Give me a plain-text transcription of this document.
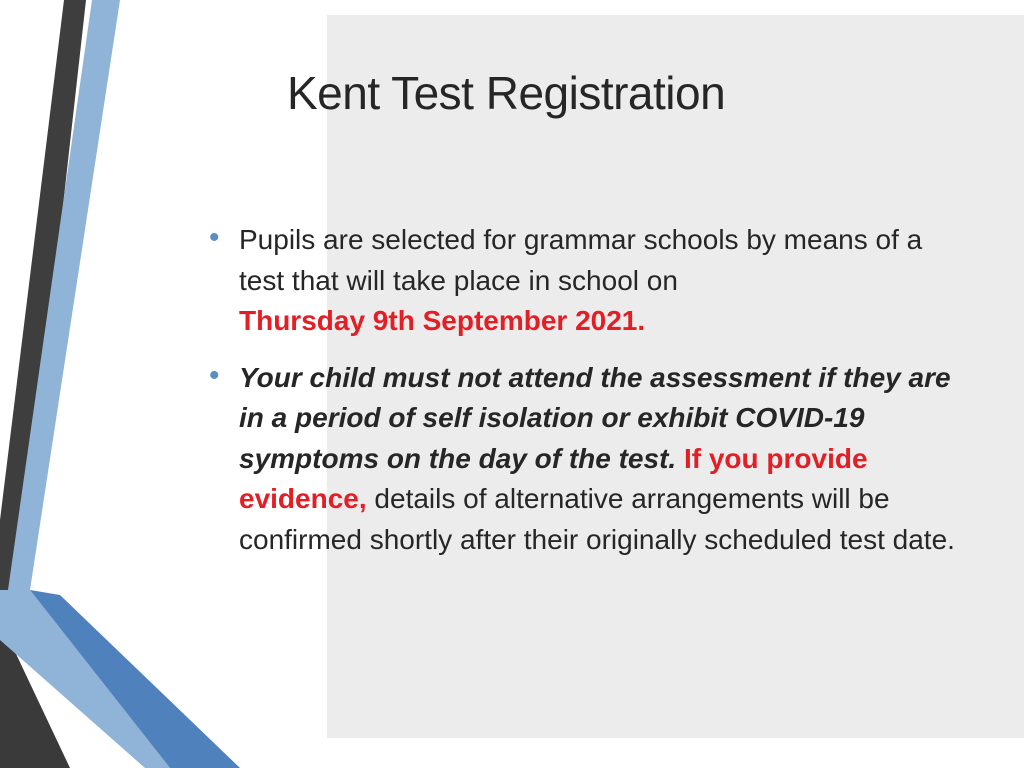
Kent Test Registration
• Pupils are selected for grammar schools by means of a test that will take place in school on
Thursday 9th September 2021.
• Your child must not attend the assessment if they are in a period of self isolation or exhibit COVID-19 symptoms on the day of the test. If you provide evidence, details of alternative arrangements will be confirmed shortly after their originally scheduled test date.
